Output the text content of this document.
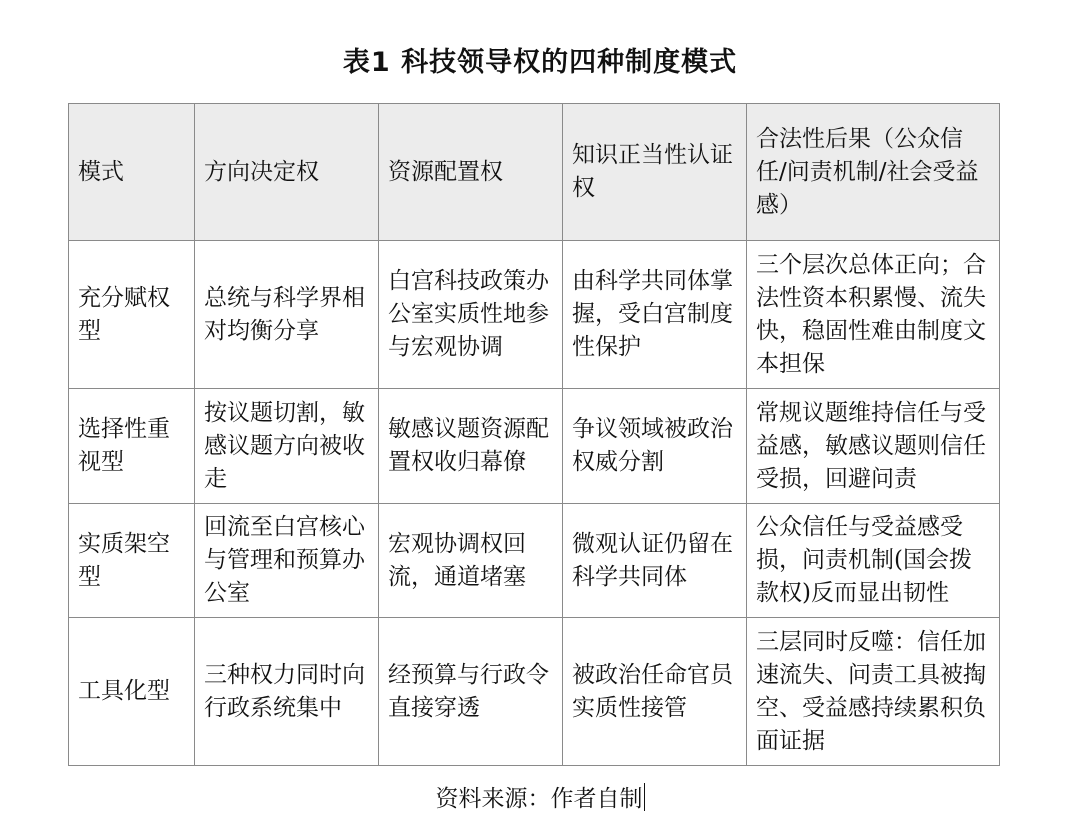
表1 科技领导权的四种制度模式
模式	方向决定权	资源配置权	知识正当性认证权	合法性后果（公众信任/问责机制/社会受益感）
充分赋权型	总统与科学界相对均衡分享	白宫科技政策办公室实质性地参与宏观协调	由科学共同体掌握，受白宫制度性保护	三个层次总体正向；合法性资本积累慢、流失快，稳固性难由制度文本担保
选择性重视型	按议题切割，敏感议题方向被收走	敏感议题资源配置权收归幕僚	争议领域被政治权威分割	常规议题维持信任与受益感，敏感议题则信任受损，回避问责
实质架空型	回流至白宫核心与管理和预算办公室	宏观协调权回流，通道堵塞	微观认证仍留在科学共同体	公众信任与受益感受损，问责机制(国会拨款权)反而显出韧性
工具化型	三种权力同时向行政系统集中	经预算与行政令直接穿透	被政治任命官员实质性接管	三层同时反噬：信任加速流失、问责工具被掏空、受益感持续累积负面证据
资料来源：作者自制
